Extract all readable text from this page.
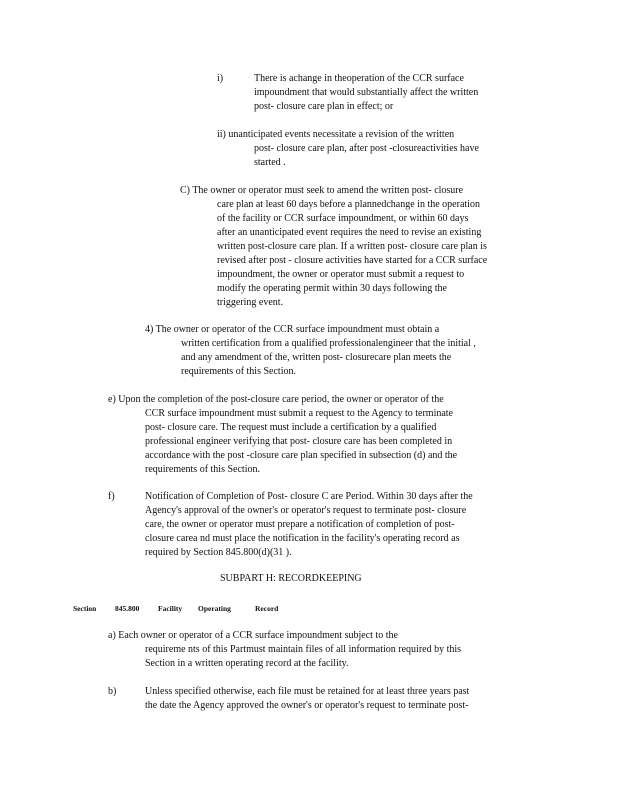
i)	There is achange in theoperation of the CCR surface
impoundment that would substantially affect the written
post- closure care plan in effect; or
ii) unanticipated events necessitate a revision of the written
post- closure care plan, after post -closureactivities have
started .
C) The owner or operator must seek to amend the written post- closure
care plan at least 60 days before a plannedchange in the operation
of the facility or CCR surface impoundment, or within 60 days
after an unanticipated event requires the need to revise an existing
written post-closure care plan. If a written post- closure care plan is
revised after post - closure activities have started for a CCR surface
impoundment, the owner or operator must submit a request to
modify the operating permit within 30 days following the
triggering event.
4) The owner or operator of the CCR surface impoundment must obtain a
written certification from a qualified professionalengineer that the initial ,
and any amendment of the, written post- closurecare plan meets the
requirements of this Section.
e) Upon the completion of the post-closure care period, the owner or operator of the
CCR surface impoundment must submit a request to the Agency to terminate
post- closure care. The request must include a certification by a qualified
professional engineer verifying that post- closure care has been completed in
accordance with the post -closure care plan specified in subsection (d) and the
requirements of this Section.
f)	Notification of Completion of Post- closure C are Period. Within 30 days after the
Agency's approval of the owner's or operator's request to terminate post- closure
care, the owner or operator must prepare a notification of completion of post-
closure carea nd must place the notification in the facility's operating record as
required by Section 845.800(d)(31 ).
SUBPART H: RECORDKEEPING
Section 845.800 Facility Operating	Record
a) Each owner or operator of a CCR surface impoundment subject to the
requireme nts of this Partmust maintain files of all information required by this
Section in a written operating record at the facility.
b)	Unless specified otherwise, each file must be retained for at least three years past
the date the Agency approved the owner's or operator's request to terminate post-
